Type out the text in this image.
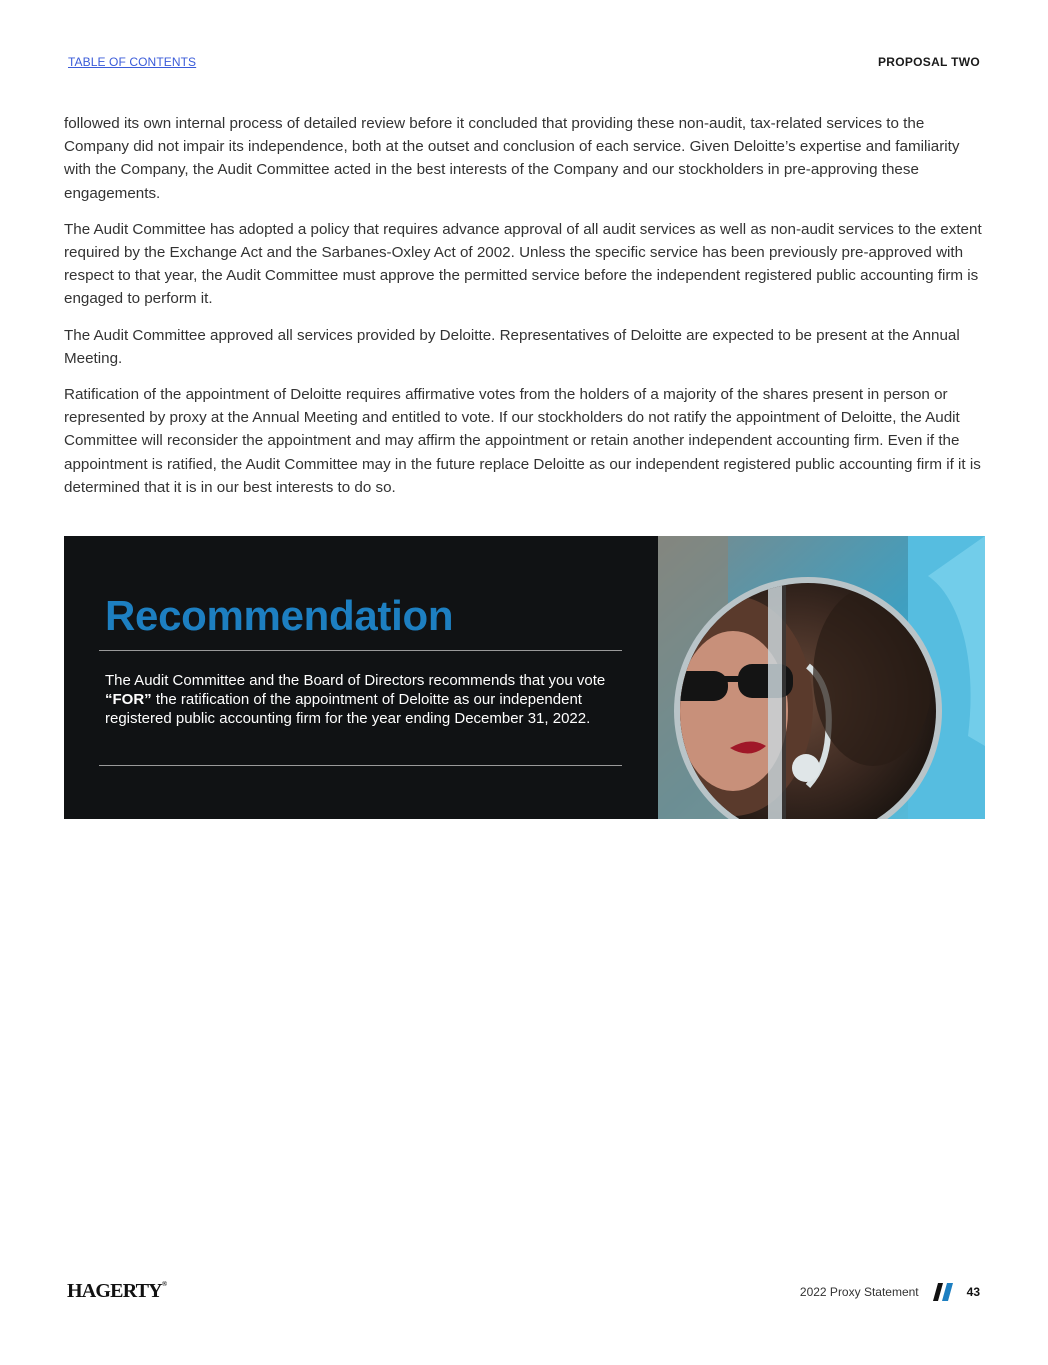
TABLE OF CONTENTS	PROPOSAL TWO

followed its own internal process of detailed review before it concluded that providing these non-audit, tax-related services to the Company did not impair its independence, both at the outset and conclusion of each service. Given Deloitte’s expertise and familiarity with the Company, the Audit Committee acted in the best interests of the Company and our stockholders in pre-approving these engagements.

The Audit Committee has adopted a policy that requires advance approval of all audit services as well as non-audit services to the extent required by the Exchange Act and the Sarbanes-Oxley Act of 2002. Unless the specific service has been previously pre-approved with respect to that year, the Audit Committee must approve the permitted service before the independent registered public accounting firm is engaged to perform it.

The Audit Committee approved all services provided by Deloitte. Representatives of Deloitte are expected to be present at the Annual Meeting.

Ratification of the appointment of Deloitte requires affirmative votes from the holders of a majority of the shares present in person or represented by proxy at the Annual Meeting and entitled to vote. If our stockholders do not ratify the appointment of Deloitte, the Audit Committee will reconsider the appointment and may affirm the appointment or retain another independent accounting firm. Even if the appointment is ratified, the Audit Committee may in the future replace Deloitte as our independent registered public accounting firm if it is determined that it is in our best interests to do so.

Recommendation
The Audit Committee and the Board of Directors recommends that you vote “FOR” the ratification of the appointment of Deloitte as our independent registered public accounting firm for the year ending December 31, 2022.
HAGERTY®
2022 Proxy Statement	43
